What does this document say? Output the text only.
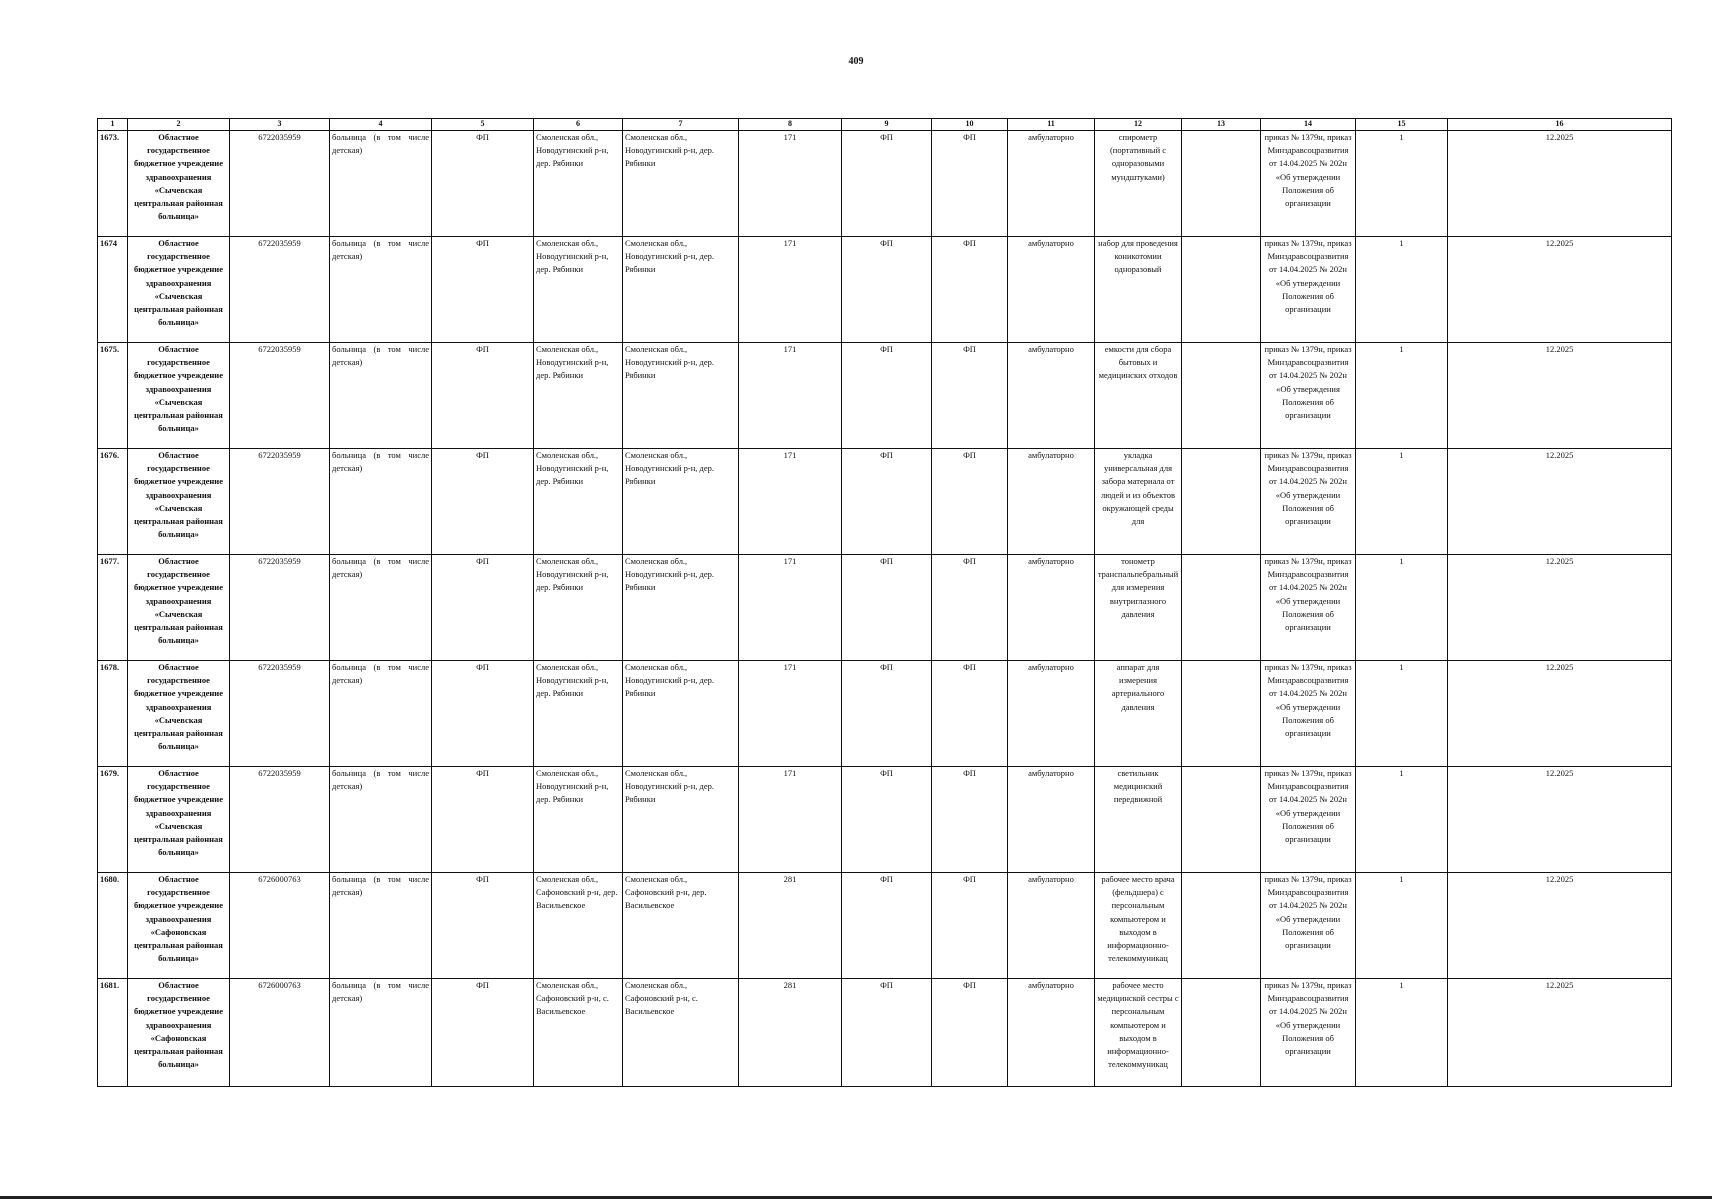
409
1	2	3	4	5	6	7	8	9	10	11	12	13	14	15	16

1673.	Областное государственное бюджетное учреждение здравоохранения «Сычевская центральная районная больница»	6722035959	больница (в том числе детская)	ФП	Смоленская обл., Новодугинский р-н, дер. Рябинки	Смоленская обл., Новодугинский р-н, дер. Рябинки	171	ФП	ФП	амбулаторно	спирометр (портативный с одноразовыми мундштуками)		приказ № 1379н, приказ Минздравсоцразвития от 14.04.2025 № 202н «Об утверждении Положения об организации	1	12.2025

1674	Областное государственное бюджетное учреждение здравоохранения «Сычевская центральная районная больница»	6722035959	больница (в том числе детская)	ФП	Смоленская обл., Новодугинский р-н, дер. Рябинки	Смоленская обл., Новодугинский р-н, дер. Рябинки	171	ФП	ФП	амбулаторно	набор для проведения коникотомии одноразовый		приказ № 1379н, приказ Минздравсоцразвития от 14.04.2025 № 202н «Об утверждении Положения об организации	1	12.2025

1675.	Областное государственное бюджетное учреждение здравоохранения «Сычевская центральная районная больница»	6722035959	больница (в том числе детская)	ФП	Смоленская обл., Новодугинский р-н, дер. Рябинки	Смоленская обл., Новодугинский р-н, дер. Рябинки	171	ФП	ФП	амбулаторно	емкости для сбора бытовых и медицинских отходов		приказ № 1379н, приказ Минздравсоцразвития от 14.04.2025 № 202н «Об утверждения Положения об организации	1	12.2025

1676.	Областное государственное бюджетное учреждение здравоохранения «Сычевская центральная районная больница»	6722035959	больница (в том числе детская)	ФП	Смоленская обл., Новодугинский р-н, дер. Рябинки	Смоленская обл., Новодугинский р-н, дер. Рябинки	171	ФП	ФП	амбулаторно	укладка универсальная для забора материала от людей и из объектов окружающей среды для		приказ № 1379н, приказ Минздравсоцразвития от 14.04.2025 № 202н «Об утверждении Положения об организации	1	12.2025

1677.	Областное государственное бюджетное учреждение здравоохранения «Сычевская центральная районная больница»	6722035959	больница (в том числе детская)	ФП	Смоленская обл., Новодугинский р-н, дер. Рябинки	Смоленская обл., Новодугинский р-н, дер. Рябинки	171	ФП	ФП	амбулаторно	тонометр транспальпебральный для измерения внутриглазного давления		приказ № 1379н, приказ Минздравсоцразвития от 14.04.2025 № 202н «Об утверждении Положения об организации	1	12.2025

1678.	Областное государственное бюджетное учреждение здравоохранения «Сычевская центральная районная больница»	6722035959	больница (в том числе детская)	ФП	Смоленская обл., Новодугинский р-н, дер. Рябинки	Смоленская обл., Новодугинский р-н, дер. Рябинки	171	ФП	ФП	амбулаторно	аппарат для измерения артериального давления		приказ № 1379н, приказ Минздравсоцразвития от 14.04.2025 № 202н «Об утверждении Положения об организации	1	12.2025

1679.	Областное государственное бюджетное учреждение здравоохранения «Сычевская центральная районная больница»	6722035959	больница (в том числе детская)	ФП	Смоленская обл., Новодугинский р-н, дер. Рябинки	Смоленская обл., Новодугинский р-н, дер. Рябинки	171	ФП	ФП	амбулаторно	светильник медицинский передвижной		приказ № 1379н, приказ Минздравсоцразвития от 14.04.2025 № 202н «Об утверждении Положения об организации	1	12.2025

1680.	Областное государственное бюджетное учреждение здравоохранения «Сафоновская центральная районная больница»	6726000763	больница (в том числе детская)	ФП	Смоленская обл., Сафоновский р-н, дер. Васильевское	Смоленская обл., Сафоновский р-н, дер. Васильевское	281	ФП	ФП	амбулаторно	рабочее место врача (фельдшера) с персональным компьютером и выходом в информационно-телекоммуникац		приказ № 1379н, приказ Минздравсоцразвития от 14.04.2025 № 202н «Об утверждении Положения об организации	1	12.2025

1681.	Областное государственное бюджетное учреждение здравоохранения «Сафоновская центральная районная больница»	6726000763	больница (в том числе детская)	ФП	Смоленская обл., Сафоновский р-н, с. Васильевское	Смоленская обл., Сафоновский р-н, с. Васильевское	281	ФП	ФП	амбулаторно	рабочее место медицинской сестры с персональным компьютером и выходом в информационно-телекоммуникац		приказ № 1379н, приказ Минздравсоцразвития от 14.04.2025 № 202н «Об утверждении Положения об организации	1	12.2025
